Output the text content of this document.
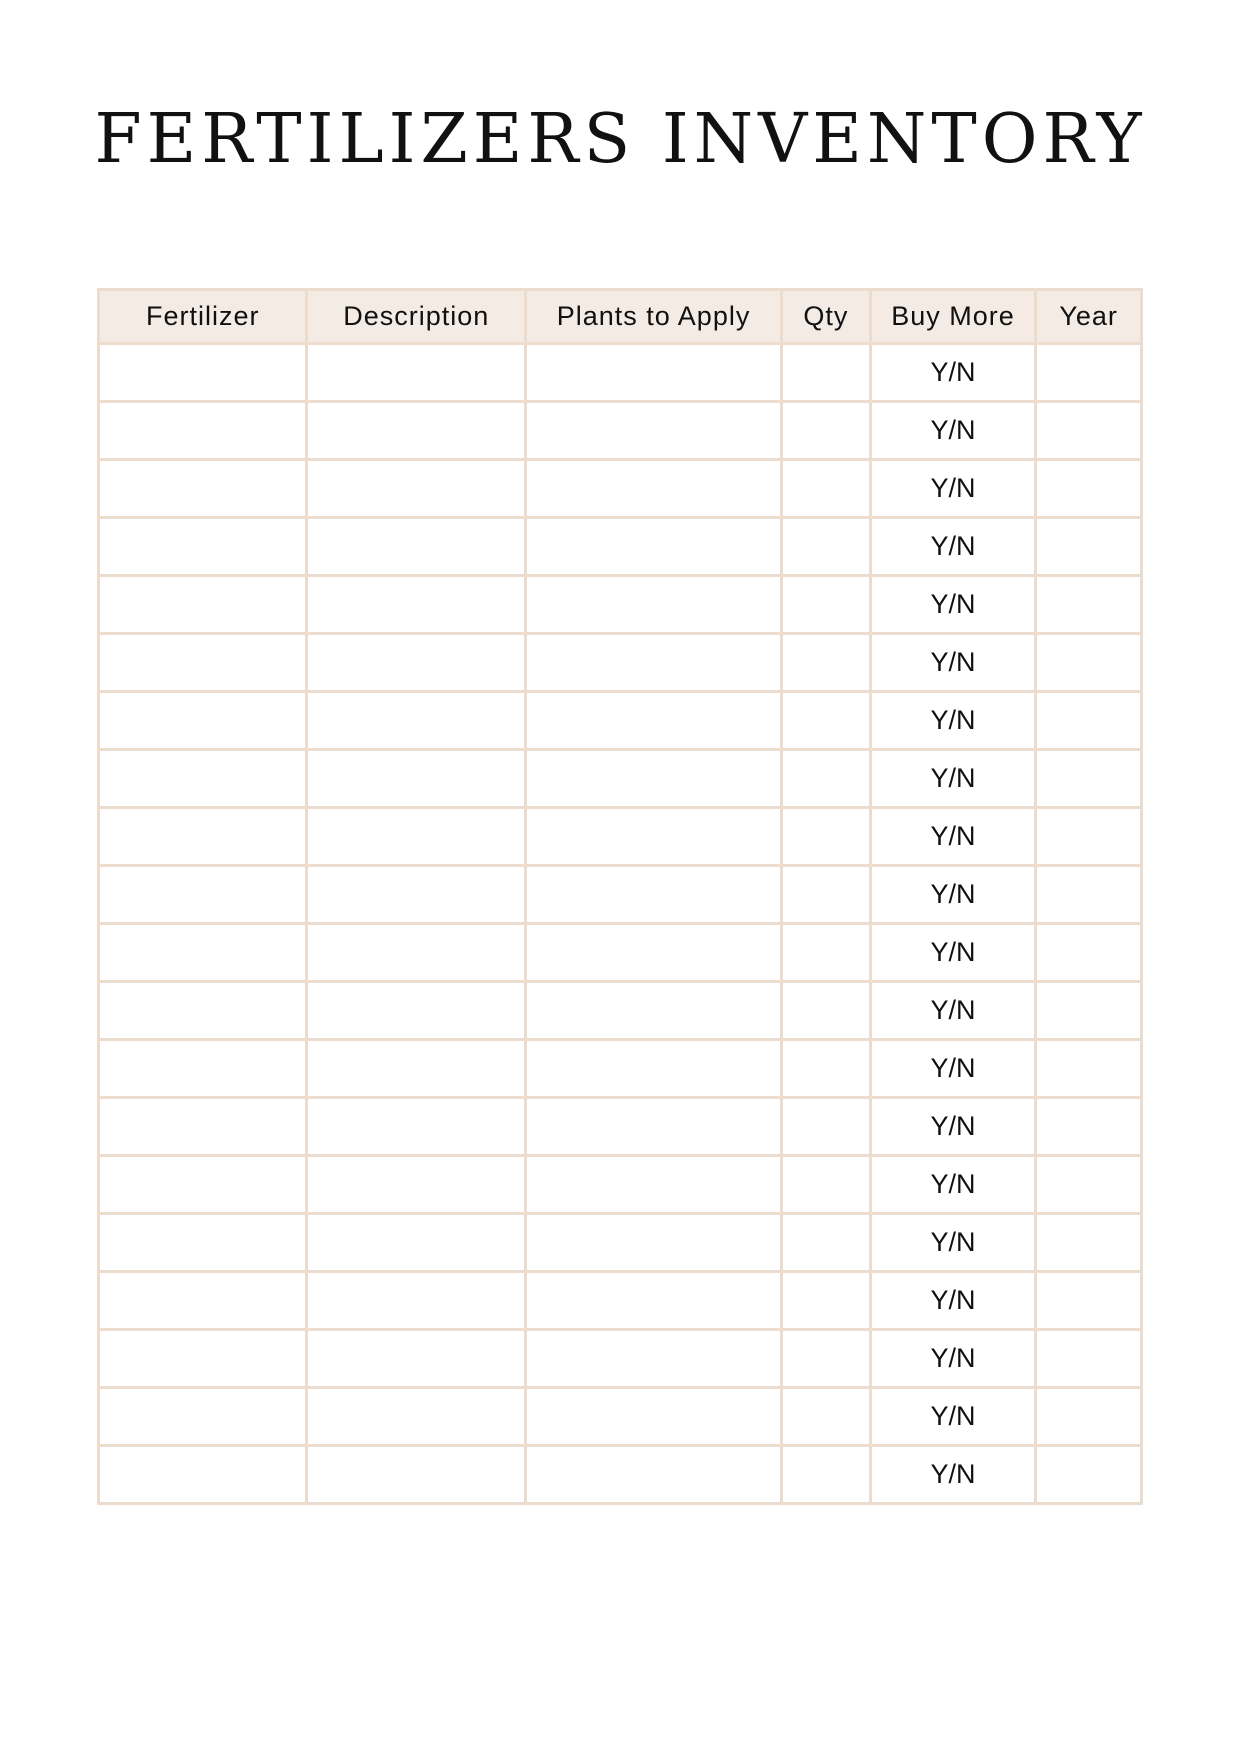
FERTILIZERS INVENTORY
Fertilizer	Description	Plants to Apply	Qty	Buy More	Year
				Y/N	
				Y/N	
				Y/N	
				Y/N	
				Y/N	
				Y/N	
				Y/N	
				Y/N	
				Y/N	
				Y/N	
				Y/N	
				Y/N	
				Y/N	
				Y/N	
				Y/N	
				Y/N	
				Y/N	
				Y/N	
				Y/N	
				Y/N	
